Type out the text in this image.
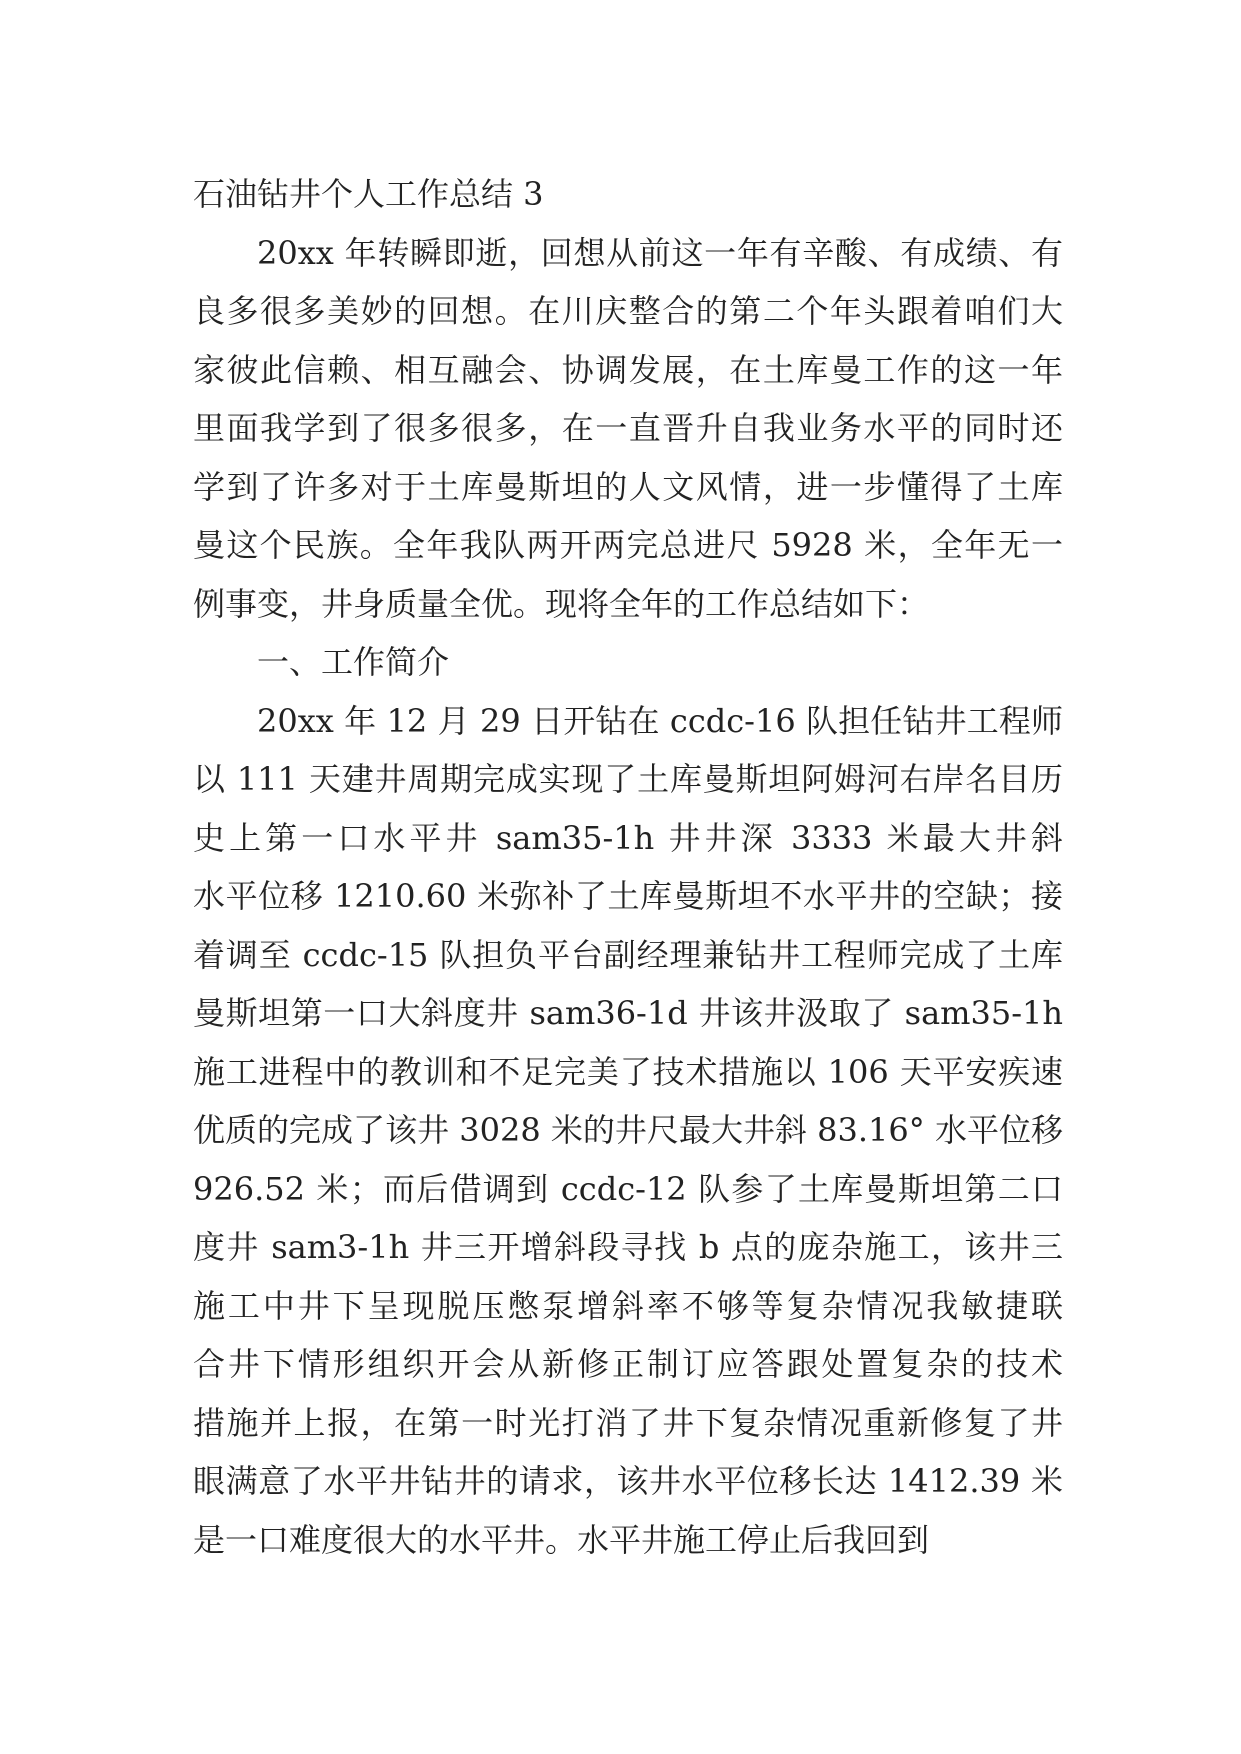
石油钻井个人工作总结 3
20xx 年转瞬即逝，回想从前这一年有辛酸、有成绩、有
良多很多美妙的回想。在川庆整合的第二个年头跟着咱们大
家彼此信赖、相互融会、协调发展，在土库曼工作的这一年
里面我学到了很多很多，在一直晋升自我业务水平的同时还
学到了许多对于土库曼斯坦的人文风情，进一步懂得了土库
曼这个民族。全年我队两开两完总进尺 5928 米，全年无一
例事变，井身质量全优。现将全年的工作总结如下：
一、工作简介
20xx 年 12 月 29 日开钻在 ccdc-16 队担任钻井工程师
以 111 天建井周期完成实现了土库曼斯坦阿姆河右岸名目历
史上第一口水平井 sam35-1h 井井深 3333 米最大井斜
水平位移 1210.60 米弥补了土库曼斯坦不水平井的空缺；接
着调至 ccdc-15 队担负平台副经理兼钻井工程师完成了土库
曼斯坦第一口大斜度井 sam36-1d 井该井汲取了 sam35-1h
施工进程中的教训和不足完美了技术措施以 106 天平安疾速
优质的完成了该井 3028 米的井尺最大井斜 83.16° 水平位移
926.52 米；而后借调到 ccdc-12 队参了土库曼斯坦第二口
度井 sam3-1h 井三开增斜段寻找 b 点的庞杂施工，该井三
施工中井下呈现脱压憋泵增斜率不够等复杂情况我敏捷联
合井下情形组织开会从新修正制订应答跟处置复杂的技术
措施并上报，在第一时光打消了井下复杂情况重新修复了井
眼满意了水平井钻井的请求，该井水平位移长达 1412.39 米
是一口难度很大的水平井。水平井施工停止后我回到
